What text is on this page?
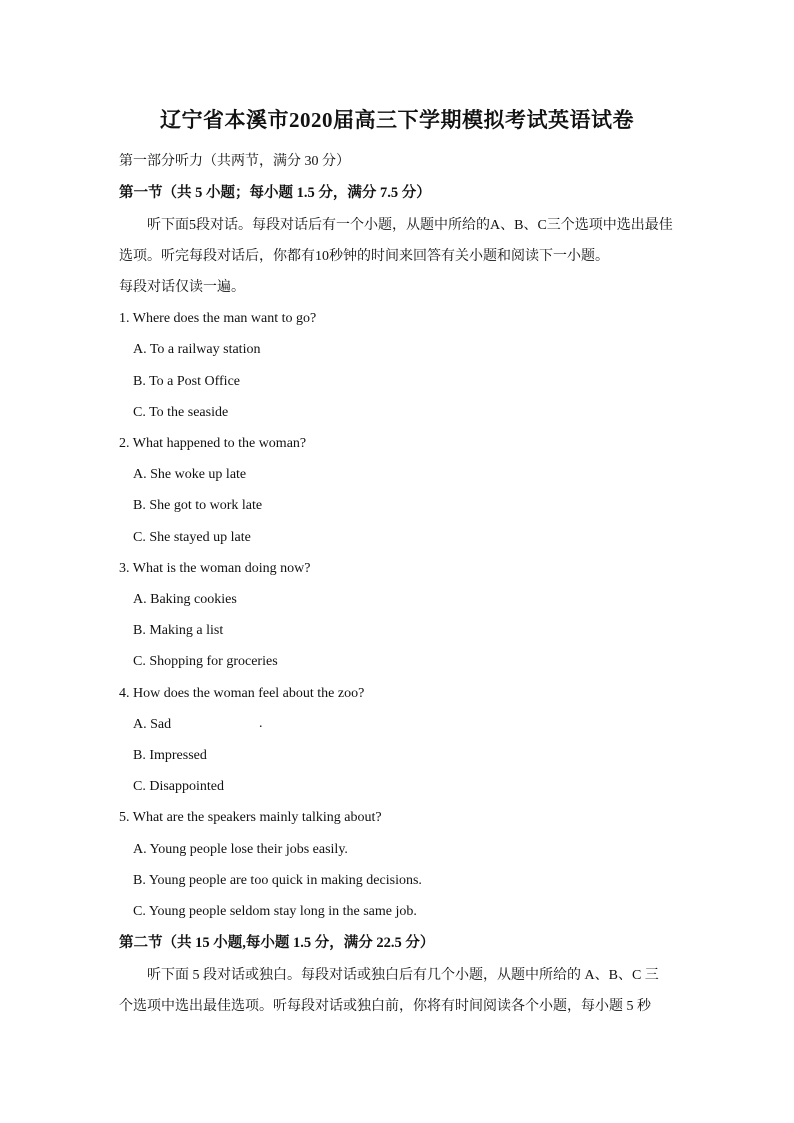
辽宁省本溪市2020届高三下学期模拟考试英语试卷
第一部分听力（共两节，满分 30 分）
第一节（共 5 小题；每小题 1.5 分，满分 7.5 分）
听下面5段对话。每段对话后有一个小题，从题中所给的A、B、C三个选项中选出最佳
选项。听完每段对话后，你都有10秒钟的时间来回答有关小题和阅读下一小题。
每段对话仅读一遍。
1. Where does the man want to go?
A. To a railway station
B. To a Post Office
C. To the seaside
2. What happened to the woman?
A. She woke up late
B. She got to work late
C. She stayed up late
3. What is the woman doing now?
A. Baking cookies
B. Making a list
C. Shopping for groceries
4. How does the woman feel about the zoo?
A. Sad	.
B. Impressed
C. Disappointed
5. What are the speakers mainly talking about?
A. Young people lose their jobs easily.
B. Young people are too quick in making decisions.
C. Young people seldom stay long in the same job.
第二节（共 15 小题,每小题 1.5 分，满分 22.5 分）
听下面 5 段对话或独白。每段对话或独白后有几个小题，从题中所给的 A、B、C 三
个选项中选出最佳选项。听每段对话或独白前，你将有时间阅读各个小题，每小题 5 秒
